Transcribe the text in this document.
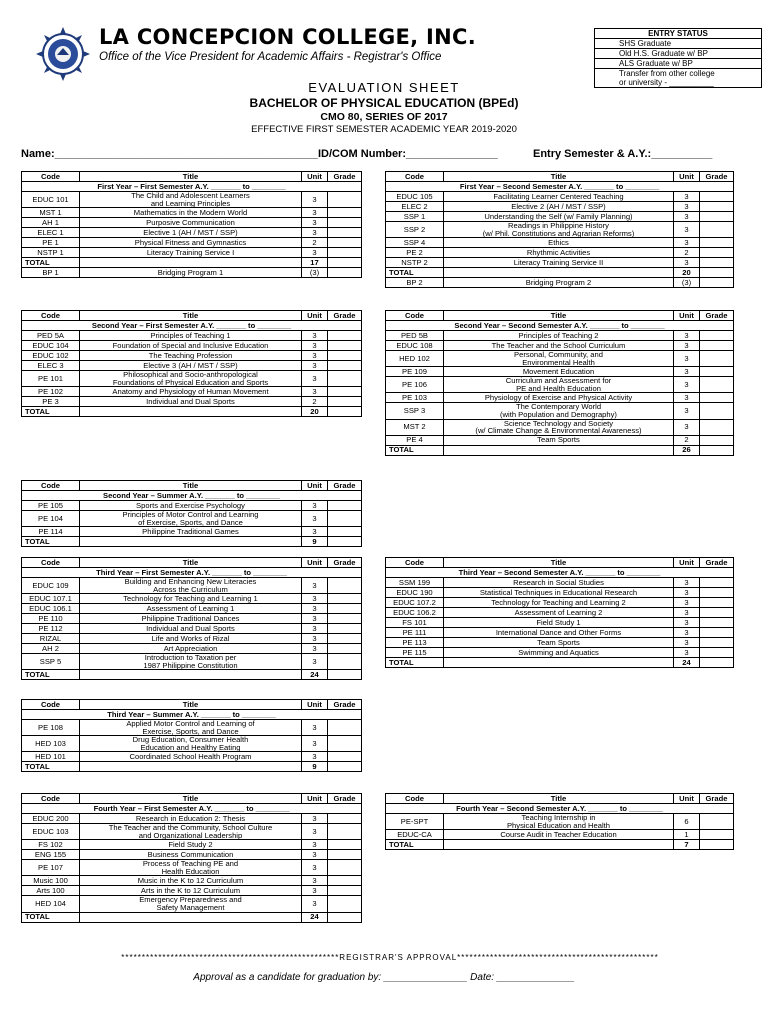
LA CONCEPCION COLLEGE, INC.
Office of the Vice President for Academic Affairs - Registrar's Office
ENTRY STATUS
SHS Graduate
Old H.S. Graduate w/ BP
ALS Graduate w/ BP
Transfer from other college
or university - __________
EVALUATION SHEET
BACHELOR OF PHYSICAL EDUCATION (BPEd)
CMO 80, SERIES OF 2017
EFFECTIVE FIRST SEMESTER ACADEMIC YEAR 2019-2020
Name:___________________________________________ ID/COM Number:_______________	Entry Semester & A.Y.:__________
Code	Title	Unit	Grade
First Year – First Semester A.Y. _______ to ________			
EDUC 101	The Child and Adolescent Learners
and Learning Principles	3	
MST 1	Mathematics in the Modern World	3	
AH 1	Purposive Communication	3	
ELEC 1	Elective 1 (AH / MST / SSP)	3	
PE 1	Physical Fitness and Gymnastics	2	
NSTP 1	Literacy Training Service I	3	
TOTAL		17	
BP 1	Bridging Program 1	(3)	
Code	Title	Unit	Grade
First Year – Second Semester A.Y. _______ to ________			
EDUC 105	Facilitating Learner Centered Teaching	3	
ELEC 2	Elective 2 (AH / MST / SSP)	3	
SSP 1	Understanding the Self (w/ Family Planning)	3	
SSP 2	Readings in Philippine History
(w/ Phil. Constitutions and Agrarian Reforms)	3	
SSP 4	Ethics	3	
PE 2	Rhythmic Activities	2	
NSTP 2	Literacy Training Service II	3	
TOTAL		20	
BP 2	Bridging Program 2	(3)	
Code	Title	Unit	Grade
Second Year – First Semester A.Y. _______ to ________			
PED 5A	Principles of Teaching 1	3	
EDUC 104	Foundation of Special and Inclusive Education	3	
EDUC 102	The Teaching Profession	3	
ELEC 3	Elective 3 (AH / MST / SSP)	3	
PE 101	Philosophical and Socio-anthropological
Foundations of Physical Education and Sports	3	
PE 102	Anatomy and Physiology of Human Movement	3	
PE 3	Individual and Dual Sports	2	
TOTAL		20	
Code	Title	Unit	Grade
Second Year – Second Semester A.Y. _______ to ________			
PED 5B	Principles of Teaching 2	3	
EDUC 108	The Teacher and the School Curriculum	3	
HED 102	Personal, Community, and
Environmental Health	3	
PE 109	Movement Education	3	
PE 106	Curriculum and Assessment for
PE and Health Education	3	
PE 103	Physiology of Exercise and Physical Activity	3	
SSP 3	The Contemporary World
(with Population and Demography)	3	
MST 2	Science Technology and Society
(w/ Climate Change & Environmental Awareness)	3	
PE 4	Team Sports	2	
TOTAL		26	
Code	Title	Unit	Grade
Second Year – Summer A.Y. _______ to ________			
PE 105	Sports and Exercise Psychology	3	
PE 104	Principles of Motor Control and Learning
of Exercise, Sports, and Dance	3	
PE 114	Philippine Traditional Games	3	
TOTAL		9	
Code	Title	Unit	Grade
Third Year – First Semester A.Y. _______ to ________			
EDUC 109	Building and Enhancing New Literacies
Across the Curriculum	3	
EDUC 107.1	Technology for Teaching and Learning 1	3	
EDUC 106.1	Assessment of Learning 1	3	
PE 110	Philippine Traditional Dances	3	
PE 112	Individual and Dual Sports	3	
RIZAL	Life and Works of Rizal	3	
AH 2	Art Appreciation	3	
SSP 5	Introduction to Taxation per
1987 Philippine Constitution	3	
TOTAL		24	
Code	Title	Unit	Grade
Third Year – Second Semester A.Y. _______ to ________			
SSM 199	Research in Social Studies	3	
EDUC 190	Statistical Techniques in Educational Research	3	
EDUC 107.2	Technology for Teaching and Learning 2	3	
EDUC 106.2	Assessment of Learning 2	3	
FS 101	Field Study 1	3	
PE 111	International Dance and Other Forms	3	
PE 113	Team Sports	3	
PE 115	Swimming and Aquatics	3	
TOTAL		24	
Code	Title	Unit	Grade
Third Year – Summer A.Y. _______ to ________			
PE 108	Applied Motor Control and Learning of
Exercise, Sports, and Dance	3	
HED 103	Drug Education, Consumer Health
Education and Healthy Eating	3	
HED 101	Coordinated School Health Program	3	
TOTAL		9	
Code	Title	Unit	Grade
Fourth Year – First Semester A.Y. _______ to ________			
EDUC 200	Research in Education 2: Thesis	3	
EDUC 103	The Teacher and the Community, School Culture
and Organizational Leadership	3	
FS 102	Field Study 2	3	
ENG 155	Business Communication	3	
PE 107	Process of Teaching PE and
Health Education	3	
Music 100	Music in the K to 12 Curriculum	3	
Arts 100	Arts in the K to 12 Curriculum	3	
HED 104	Emergency Preparedness and
Safety Management	3	
TOTAL		24	
Code	Title	Unit	Grade
Fourth Year – Second Semester A.Y. _______ to ________			
PE-SPT	Teaching Internship in
Physical Education and Health	6	
EDUC-CA	Course Audit in Teacher Education	1	
TOTAL		7	
*****************************************************REGISTRAR'S APPROVAL*************************************************
Approval as a candidate for graduation by: _______________ Date: ______________
